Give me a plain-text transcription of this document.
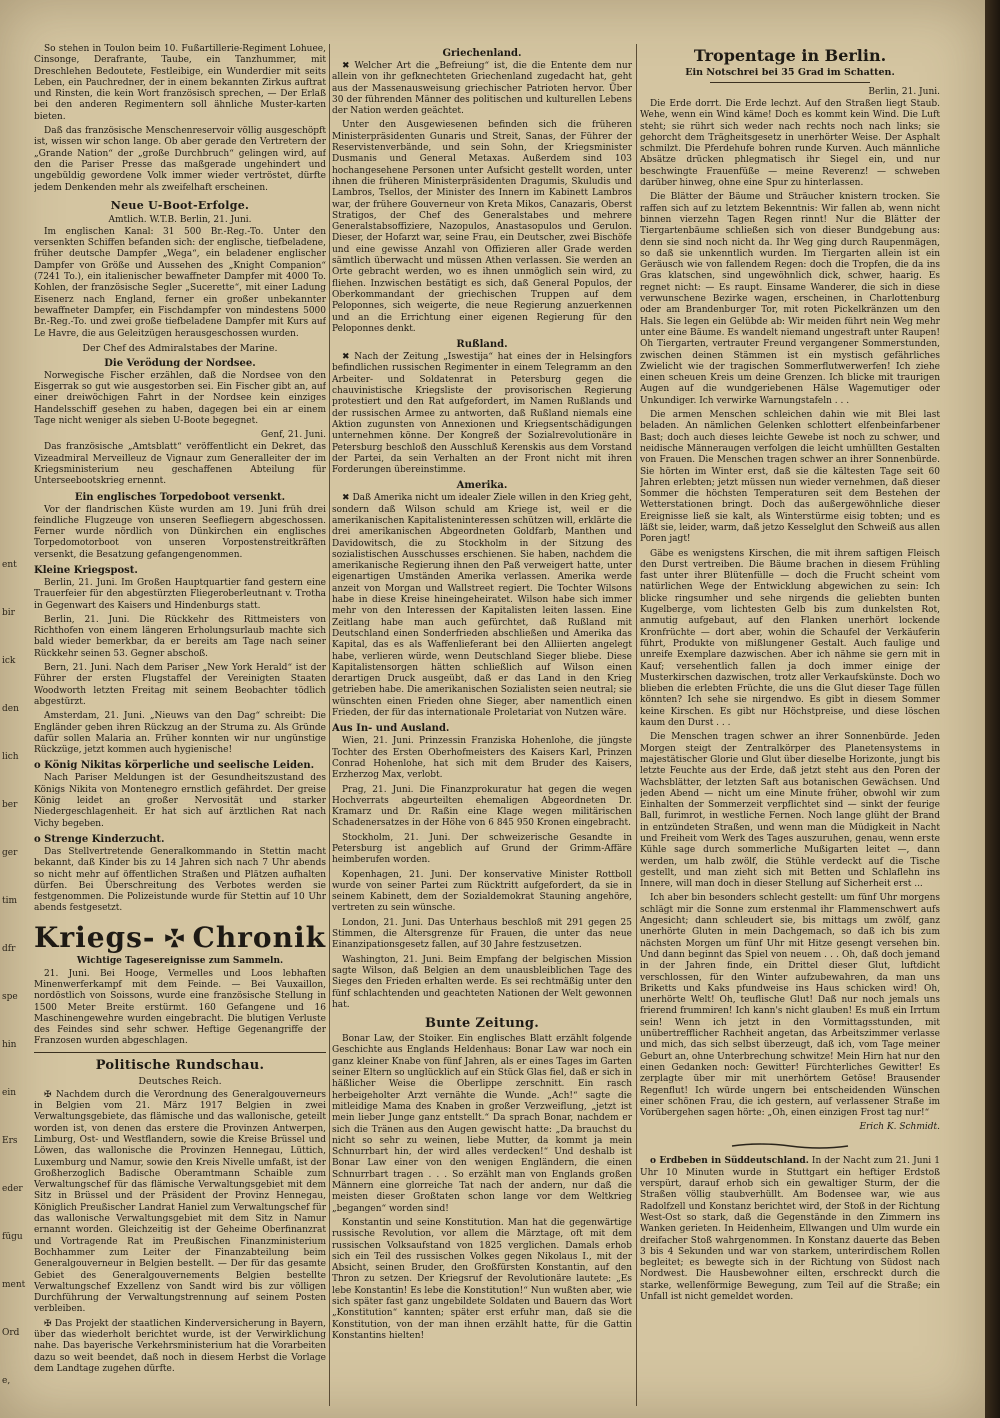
ent
bir
ick
den
lich
ber
ger
tim
dfr
spe
hin
ein
Ers
eder
fügu
ment
Ord
e,

So stehen in Toulon beim 10. Fußartillerie-Regiment Lohuee, Cinsonge, Derafrante, Taube, ein Tanzhummer, mit Dreschlehen Bedoutete, Festleibige, ein Wunderdier mit seits Leben, ein Pauchredner, der in einem bekannten Zirkus auftrat und Rinsten, die kein Wort französisch sprechen, — Der Erlaß bei den anderen Regimentern soll ähnliche Muster-karten bieten.

Daß das französische Menschenreservoir völlig ausgeschöpft ist, wissen wir schon lange. Ob aber gerade den Vertretern der „Grande Nation“ der „große Durchbruch“ gelingen wird, auf den die Pariser Presse das maßgerade ungehindert und ungebüldig gewordene Volk immer wieder vertröstet, dürfte jedem Denkenden mehr als zweifelhaft erscheinen.

Neue U-Boot-Erfolge.
Amtlich. W.T.B. Berlin, 21. Juni.

Im englischen Kanal: 31 500 Br.-Reg.-To. Unter den versenkten Schiffen befanden sich: der englische, tiefbeladene, früher deutsche Dampfer „Wega“, ein beladener englischer Dampfer von Größe und Aussehen des „Knight Companion“ (7241 To.), ein italienischer bewaffneter Dampfer mit 4000 To. Kohlen, der französische Segler „Sucerette“, mit einer Ladung Eisenerz nach England, ferner ein großer unbekannter bewaffneter Dampfer, ein Fischdampfer von mindestens 5000 Br.-Reg.-To. und zwei große tiefbeladene Dampfer mit Kurs auf Le Havre, die aus Geleitzügen herausgeschossen wurden.

Der Chef des Admiralstabes der Marine.
Die Verödung der Nordsee.

Norwegische Fischer erzählen, daß die Nordsee von den Eisgerrak so gut wie ausgestorben sei. Ein Fischer gibt an, auf einer dreiwöchigen Fahrt in der Nordsee kein einziges Handelsschiff gesehen zu haben, dagegen bei ein ar einem Tage nicht weniger als sieben U-Boote begegnet.

Genf, 21. Juni.

Das französische „Amtsblatt“ veröffentlicht ein Dekret, das Vizeadmiral Merveilleuz de Vignaur zum Generalleiter der im Kriegsministerium neu geschaffenen Abteilung für Unterseebootskrieg ernennt.

Ein englisches Torpedoboot versenkt.

Vor der flandrischen Küste wurden am 19. Juni früh drei feindliche Flugzeuge von unseren Seefliegern abgeschossen. Ferner wurde nördlich von Dünkirchen ein englisches Torpedomotorboot von unseren Vorpostenstreitkräften versenkt, die Besatzung gefangengenommen.

Kleine Kriegspost.

Berlin, 21. Juni. Im Großen Hauptquartier fand gestern eine Trauerfeier für den abgestürzten Fliegeroberleutnant v. Trotha in Gegenwart des Kaisers und Hindenburgs statt.

Berlin, 21. Juni. Die Rückkehr des Rittmeisters von Richthofen von einem längeren Erholungsurlaub machte sich bald wieder bemerkbar, da er bereits am Tage nach seiner Rückkehr seinen 53. Gegner abschoß.

Bern, 21. Juni. Nach dem Pariser „New York Herald“ ist der Führer der ersten Flugstaffel der Vereinigten Staaten Woodworth letzten Freitag mit seinem Beobachter tödlich abgestürzt.

Amsterdam, 21. Juni. „Nieuws van den Dag“ schreibt: Die Engländer geben ihren Rückzug an der Struma zu. Als Gründe dafür sollen Malaria an. Früher konnten wir nur ungünstige Rückzüge, jetzt kommen auch hygienische!

o König Nikitas körperliche und seelische Leiden.

Nach Pariser Meldungen ist der Gesundheitszustand des Königs Nikita von Montenegro ernstlich gefährdet. Der greise König leidet an großer Nervosität und starker Niedergeschlagenheit. Er hat sich auf ärztlichen Rat nach Vichy begeben.

o Strenge Kinderzucht.

Das Stellvertretende Generalkommando in Stettin macht bekannt, daß Kinder bis zu 14 Jahren sich nach 7 Uhr abends so nicht mehr auf öffentlichen Straßen und Plätzen aufhalten dürfen. Bei Überschreitung des Verbotes werden sie festgenommen. Die Polizeistunde wurde für Stettin auf 10 Uhr abends festgesetzt.

Kriegs- Chronik
Wichtige Tagesereignisse zum Sammeln.

21. Juni. Bei Hooge, Vermelles und Loos lebhaften Minenwerferkampf mit dem Feinde. — Bei Vauxaillon, nordöstlich von Soissons, wurde eine französische Stellung in 1500 Meter Breite erstürmt. 160 Gefangene und 16 Maschinengewehre wurden eingebracht. Die blutigen Verluste des Feindes sind sehr schwer. Heftige Gegenangriffe der Franzosen wurden abgeschlagen.

Politische Rundschau.
Deutsches Reich.

✠ Nachdem durch die Verordnung des Generalgouverneurs in Belgien vom 21. März 1917 Belgien in zwei Verwaltungsgebiete, das flämische und das wallonische, geteilt worden ist, von denen das erstere die Provinzen Antwerpen, Limburg, Ost- und Westflandern, sowie die Kreise Brüssel und Löwen, das wallonische die Provinzen Hennegau, Lüttich, Luxemburg und Namur, sowie den Kreis Nivelle umfaßt, ist der Großherzoglich Badische Oberamtmann Schaible zum Verwaltungschef für das flämische Verwaltungsgebiet mit dem Sitz in Brüssel und der Präsident der Provinz Hennegau, Königlich Preußischer Landrat Haniel zum Verwaltungschef für das wallonische Verwaltungsgebiet mit dem Sitz in Namur ernannt worden. Gleichzeitig ist der Geheime Oberfinanzrat und Vortragende Rat im Preußischen Finanzministerium Bochhammer zum Leiter der Finanzabteilung beim Generalgouverneur in Belgien bestellt. — Der für das gesamte Gebiet des Generalgouvernements Belgien bestellte Verwaltungschef Exzellenz von Sandt wird bis zur völligen Durchführung der Verwaltungstrennung auf seinem Posten verbleiben.

✠ Das Projekt der staatlichen Kinderversicherung in Bayern, über das wiederholt berichtet wurde, ist der Verwirklichung nahe. Das bayerische Verkehrsministerium hat die Vorarbeiten dazu so weit beendet, daß noch in diesem Herbst die Vorlage dem Landtage zugehen dürfte.

Griechenland.

✖ Welcher Art die „Befreiung“ ist, die die Entente dem nur allein von ihr gefknechteten Griechenland zugedacht hat, geht aus der Massenausweisung griechischer Patrioten hervor. Über 30 der führenden Männer des politischen und kulturellen Lebens der Nation werden geächtet.

Unter den Ausgewiesenen befinden sich die früheren Ministerpräsidenten Gunaris und Streit, Sanas, der Führer der Reservistenverbände, und sein Sohn, der Kriegsminister Dusmanis und General Metaxas. Außerdem sind 103 hochangesehene Personen unter Aufsicht gestellt worden, unter ihnen die früheren Ministerpräsidenten Dragumis, Skuludis und Lambros, Tsellos, der Minister des Innern im Kabinett Lambros war, der frühere Gouverneur von Kreta Mikos, Canazaris, Oberst Stratigos, der Chef des Generalstabes und mehrere Generalstabsoffiziere, Nazopulos, Anastasopulos und Gerulon. Dieser, der Hofarzt war, seine Frau, ein Deutscher, zwei Bischöfe und eine gewisse Anzahl von Offizieren aller Grade werden sämtlich überwacht und müssen Athen verlassen. Sie werden an Orte gebracht werden, wo es ihnen unmöglich sein wird, zu fliehen. Inzwischen bestätigt es sich, daß General Populos, der Oberkommandant der griechischen Truppen auf dem Peloponnes, sich weigerte, die neue Regierung anzuerkennen und an die Errichtung einer eigenen Regierung für den Peloponnes denkt.

Rußland.

✖ Nach der Zeitung „Iswestija“ hat eines der in Helsingfors befindlichen russischen Regimenter in einem Telegramm an den Arbeiter- und Soldatenrat in Petersburg gegen die chauvinistische Kriegsliste der provisorischen Regierung protestiert und den Rat aufgefordert, im Namen Rußlands und der russischen Armee zu antworten, daß Rußland niemals eine Aktion zugunsten von Annexionen und Kriegsentschädigungen unternehmen könne. Der Kongreß der Sozialrevolutionäre in Petersburg beschloß den Ausschluß Kerenskis aus dem Vorstand der Partei, da sein Verhalten an der Front nicht mit ihren Forderungen übereinstimme.

Amerika.

✖ Daß Amerika nicht um idealer Ziele willen in den Krieg geht, sondern daß Wilson schuld am Kriege ist, weil er die amerikanischen Kapitalisteninteressen schützen will, erklärte die drei amerikanischen Abgeordneten Goldfarb, Manthen und Davidowitsch, die zu Stockholm in der Sitzung des sozialistischen Ausschusses erschienen. Sie haben, nachdem die amerikanische Regierung ihnen den Paß verweigert hatte, unter eigenartigen Umständen Amerika verlassen. Amerika werde anzeit von Morgan und Wallstreet regiert. Die Tochter Wilsons habe in diese Kreise hineingeheiratet. Wilson habe sich immer mehr von den Interessen der Kapitalisten leiten lassen. Eine Zeitlang habe man auch gefürchtet, daß Rußland mit Deutschland einen Sonderfrieden abschließen und Amerika das Kapital, das es als Waffenlieferant bei den Alliierten angelegt habe, verlieren würde, wenn Deutschland Sieger bliebe. Diese Kapitalistensorgen hätten schließlich auf Wilson einen derartigen Druck ausgeübt, daß er das Land in den Krieg getrieben habe. Die amerikanischen Sozialisten seien neutral; sie wünschten einen Frieden ohne Sieger, aber namentlich einen Frieden, der für das internationale Proletariat von Nutzen wäre.

Aus In- und Ausland.

Wien, 21. Juni. Prinzessin Franziska Hohenlohe, die jüngste Tochter des Ersten Oberhofmeisters des Kaisers Karl, Prinzen Conrad Hohenlohe, hat sich mit dem Bruder des Kaisers, Erzherzog Max, verlobt.

Prag, 21. Juni. Die Finanzprokuratur hat gegen die wegen Hochverrats abgeurteilten ehemaligen Abgeordneten Dr. Kramarz und Dr. Raßin eine Klage wegen militärischen Schadenersatzes in der Höhe von 6 845 950 Kronen eingebracht.

Stockholm, 21. Juni. Der schweizerische Gesandte in Petersburg ist angeblich auf Grund der Grimm-Affäre heimberufen worden.

Kopenhagen, 21. Juni. Der konservative Minister Rottboll wurde von seiner Partei zum Rücktritt aufgefordert, da sie in seinem Kabinett, dem der Sozialdemokrat Stauning angehöre, vertreten zu sein wünsche.

London, 21. Juni. Das Unterhaus beschloß mit 291 gegen 25 Stimmen, die Altersgrenze für Frauen, die unter das neue Einanzipationsgesetz fallen, auf 30 Jahre festzusetzen.

Washington, 21. Juni. Beim Empfang der belgischen Mission sagte Wilson, daß Belgien an dem unausbleiblichen Tage des Sieges den Frieden erhalten werde. Es sei rechtmäßig unter den fünf schlachtenden und geachteten Nationen der Welt gewonnen hat.

Bunte Zeitung.

Bonar Law, der Stoiker. Ein englisches Blatt erzählt folgende Geschichte aus Englands Heldenhaus: Bonar Law war noch ein ganz kleiner Knabe von fünf Jahren, als er eines Tages im Garten seiner Eltern so unglücklich auf ein Stück Glas fiel, daß er sich in häßlicher Weise die Oberlippe zerschnitt. Ein rasch herbeigeholter Arzt vernähte die Wunde. „Ach!“ sagte die mitleidige Mama des Knaben in großer Verzweiflung, „jetzt ist mein lieber Junge ganz entstellt.“ Da sprach Bonar, nachdem er sich die Tränen aus den Augen gewischt hatte: „Da brauchst du nicht so sehr zu weinen, liebe Mutter, da kommt ja mein Schnurrbart hin, der wird alles verdecken!“ Und deshalb ist Bonar Law einer von den wenigen Engländern, die einen Schnurrbart tragen . . . So erzählt man von Englands großen Männern eine glorreiche Tat nach der andern, nur daß die meisten dieser Großtaten schon lange vor dem Weltkrieg „begangen“ worden sind!

Konstantin und seine Konstitution. Man hat die gegenwärtige russische Revolution, vor allem die Märztage, oft mit dem russischen Volksaufstand von 1825 verglichen. Damals erhob sich ein Teil des russischen Volkes gegen Nikolaus I., mit der Absicht, seinen Bruder, den Großfürsten Konstantin, auf den Thron zu setzen. Der Kriegsruf der Revolutionäre lautete: „Es lebe Konstantin! Es lebe die Konstitution!“ Nun wußten aber, wie sich später fast ganz ungebildete Soldaten und Bauern das Wort „Konstitution“ kannten; später erst erfuhr man, daß sie die Konstitution, von der man ihnen erzählt hatte, für die Gattin Konstantins hielten!

Tropentage in Berlin.
Ein Notschrei bei 35 Grad im Schatten.
Berlin, 21. Juni.

Die Erde dorrt. Die Erde lechzt. Auf den Straßen liegt Staub. Wehe, wenn ein Wind käme! Doch es kommt kein Wind. Die Luft steht; sie rührt sich weder nach rechts noch nach links; sie gehorcht dem Trägheitsgesetz in unerhörter Weise. Der Asphalt schmilzt. Die Pferdehufe bohren runde Kurven. Auch männliche Absätze drücken phlegmatisch ihr Siegel ein, und nur beschwingte Frauenfüße — meine Reverenz! — schweben darüber hinweg, ohne eine Spur zu hinterlassen.

Die Blätter der Bäume und Sträucher knistern trocken. Sie raffen sich auf zu letztem Bekenntnis: Wir fallen ab, wenn nicht binnen vierzehn Tagen Regen rinnt! Nur die Blätter der Tiergartenbäume schließen sich von dieser Bundgebung aus: denn sie sind noch nicht da. Ihr Weg ging durch Raupenmägen, so daß sie unkenntlich wurden. Im Tiergarten allein ist ein Geräusch wie von fallendem Regen: doch die Tropfen, die da ins Gras klatschen, sind ungewöhnlich dick, schwer, haarig. Es regnet nicht: — Es raupt. Einsame Wanderer, die sich in diese verwunschene Bezirke wagen, erscheinen, in Charlottenburg oder am Brandenburger Tor, mit roten Pickelkränzen um den Hals. Sie legen ein Gelübde ab: Wir meiden führt nein Weg mehr unter eine Bäume. Es wandelt niemand ungestraft unter Raupen! Oh Tiergarten, vertrauter Freund vergangener Sommerstunden, zwischen deinen Stämmen ist ein mystisch gefährliches Zwielicht wie der tragischen Sommerflutwerwerfen! Ich ziehe einen scheuen Kreis um deine Grenzen. Ich blicke mit traurigen Augen auf die wundgeriebenen Hälse Wagemutiger oder Unkundiger. Ich verwirke Warnungstafeln . . .

Die armen Menschen schleichen dahin wie mit Blei last beladen. An nämlichen Gelenken schlottert elfenbeinfarbener Bast; doch auch dieses leichte Gewebe ist noch zu schwer, und neidische Männeraugen verfolgen die leicht umhüllten Gestalten von Frauen. Die Menschen tragen schwer an ihrer Sonnenbürde. Sie hörten im Winter erst, daß sie die kältesten Tage seit 60 Jahren erlebten; jetzt müssen nun wieder vernehmen, daß dieser Sommer die höchsten Temperaturen seit dem Bestehen der Wetterstationen bringt. Doch das außergewöhnliche dieser Ereignisse ließ sie kalt, als Winterstürme eisig tobten; und es läßt sie, leider, warm, daß jetzo Kesselglut den Schweiß aus allen Poren jagt!

Gäbe es wenigstens Kirschen, die mit ihrem saftigen Fleisch den Durst vertreiben. Die Bäume brachen in diesem Frühling fast unter ihrer Blütenfülle — doch die Frucht scheint vom natürlichen Wege der Entwicklung abgewichen zu sein: Ich blicke ringsumher und sehe nirgends die geliebten bunten Kugelberge, vom lichtesten Gelb bis zum dunkelsten Rot, anmutig aufgebaut, auf den Flanken unerhört lockende Kronfrüchte — dort aber, wohin die Schaufel der Verkäuferin führt, Produkte von mißlungener Gestalt. Auch faulige und unreife Exemplare dazwischen. Aber ich nähme sie gern mit in Kauf; versehentlich fallen ja doch immer einige der Musterkirschen dazwischen, trotz aller Verkaufskünste. Doch wo blieben die erlebten Früchte, die uns die Glut dieser Tage füllen könnten? Ich sehe sie nirgendwo. Es gibt in diesem Sommer keine Kirschen. Es gibt nur Höchstpreise, und diese löschen kaum den Durst . . .

Die Menschen tragen schwer an ihrer Sonnenbürde. Jeden Morgen steigt der Zentralkörper des Planetensystems in majestätischer Glorie und Glut über dieselbe Horizonte, jungt bis letzte Feuchte aus der Erde, daß jetzt steht aus den Poren der Wachsblätter, der letzten Saft aus botanischen Gewächsen. Und jeden Abend — nicht um eine Minute früher, obwohl wir zum Einhalten der Sommerzeit verpflichtet sind — sinkt der feurige Ball, furimrot, in westliche Fernen. Noch lange glüht der Brand in entzündeten Straßen, und wenn man die Müdigkeit in Nacht und Freiheit vom Werk des Tages auszuruhen, genau, wenn erste Kühle sage durch sommerliche Mußigarten leitet —, dann werden, um halb zwölf, die Stühle verdeckt auf die Tische gestellt, und man zieht sich mit Betten und Schlaflehn ins Innere, will man doch in dieser Stellung auf Sicherheit erst ...

Ich aber bin besonders schlecht gestellt: um fünf Uhr morgens schlägt mir die Sonne zum erstenmal ihr Flammenschwert aufs Angesicht; dann schleudert sie, bis mittags um zwölf, ganz unerhörte Gluten in mein Dachgemach, so daß ich bis zum nächsten Morgen um fünf Uhr mit Hitze gesengt versehen bin. Und dann beginnt das Spiel von neuem . . . Oh, daß doch jemand in der Jahren finde, ein Drittel dieser Glut, luftdicht verschlossen, für den Winter aufzubewahren, da man uns Briketts und Kaks pfundweise ins Haus schicken wird! Oh, unerhörte Welt! Oh, teuflische Glut! Daß nur noch jemals uns frierend frummiren! Ich kann's nicht glauben! Es muß ein Irrtum sein! Wenn ich jetzt in den Vormittagsstunden, mit unübertrefflicher Rachheit angetan, das Arbeitszimmer verlasse und mich, das sich selbst überzeugt, daß ich, vom Tage meiner Geburt an, ohne Unterbrechung schwitze! Mein Hirn hat nur den einen Gedanken noch: Gewitter! Fürchterliches Gewitter! Es zerplagte über mir mit unerhörtem Getöse! Brausender Regenflut! Ich würde ungern bei entscheidenden Wünschen einer schönen Frau, die ich gestern, auf verlassener Straße im Vorübergehen sagen hörte: „Oh, einen einzigen Frost tag nur!“

Erich K. Schmidt.

o Erdbeben in Süddeutschland. In der Nacht zum 21. Juni 1 Uhr 10 Minuten wurde in Stuttgart ein heftiger Erdstoß verspürt, darauf erhob sich ein gewaltiger Sturm, der die Straßen völlig staubverhüllt. Am Bodensee war, wie aus Radolfzell und Konstanz berichtet wird, der Stoß in der Richtung West-Ost so stark, daß die Gegenstände in den Zimmern ins Wanken gerieten. In Heidenheim, Ellwangen und Ulm wurde ein dreifacher Stoß wahrgenommen. In Konstanz dauerte das Beben 3 bis 4 Sekunden und war von starkem, unterirdischem Rollen begleitet; es bewegte sich in der Richtung von Südost nach Nordwest. Die Hausbewohner eilten, erschreckt durch die starke, wellenförmige Bewegung, zum Teil auf die Straße; ein Unfall ist nicht gemeldet worden.
